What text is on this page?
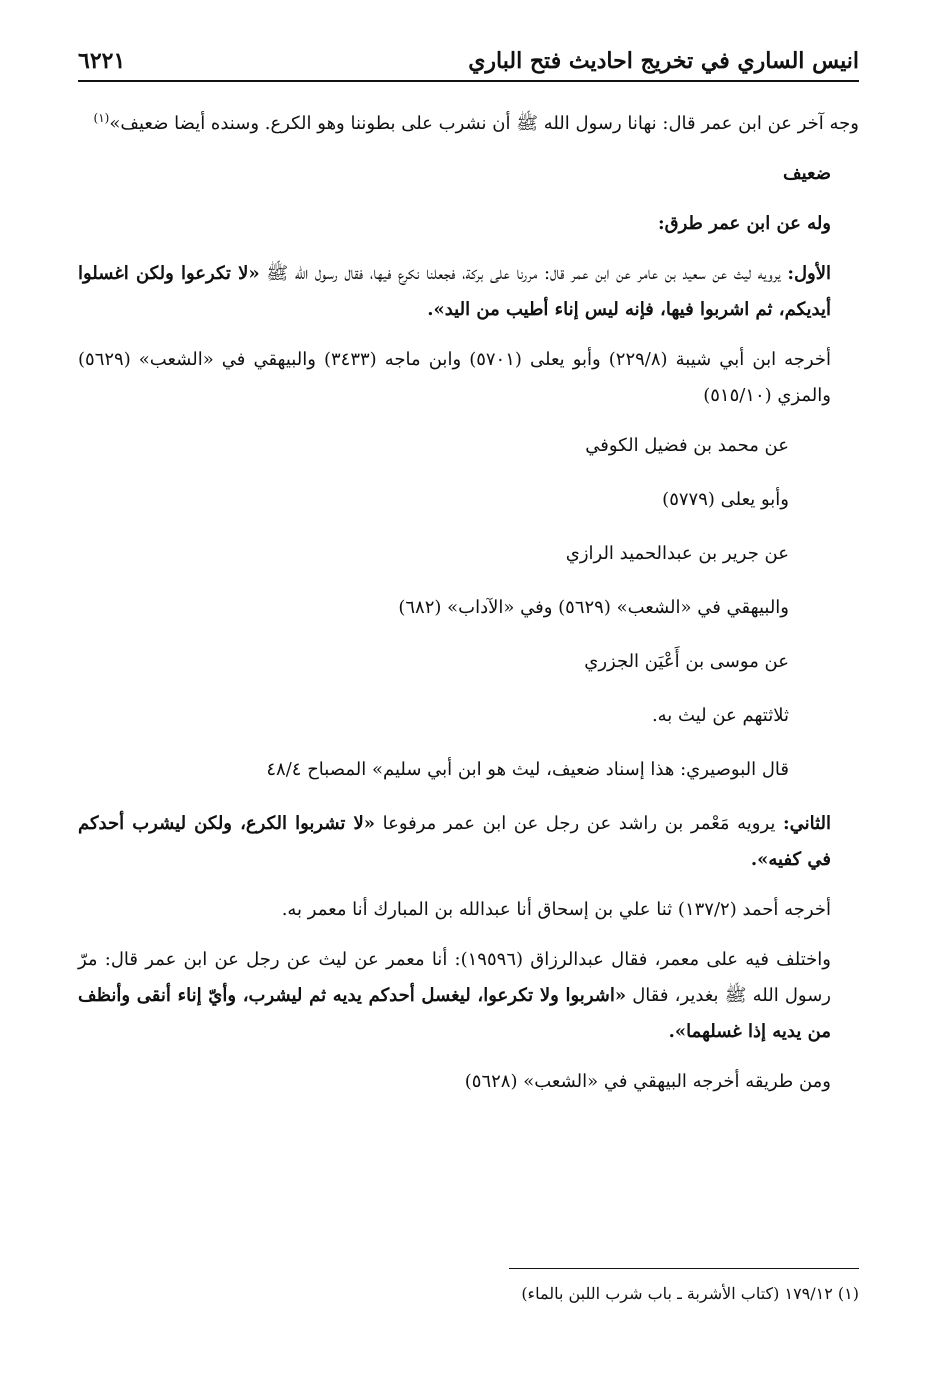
انيس الساري في تخريج احاديث فتح الباري
٦٢٢١

وجه آخر عن ابن عمر قال: نهانا رسول الله ﷺ أن نشرب على بطوننا وهو الكرع. وسنده أيضا ضعيف»$^{(١)}$

ضعيف

وله عن ابن عمر طرق:

الأول: يرويه ليث عن سعيد بن عامر عن ابن عمر قال: مررنا على بركة، فجعلنا نكرع فيها، فقال رسول الله ﷺ «لا تكرعوا ولكن اغسلوا أيديكم، ثم اشربوا فيها، فإنه ليس إناء أطيب من اليد».

أخرجه ابن أبي شيبة (٢٢٩/٨) وأبو يعلى (٥٧٠١) وابن ماجه (٣٤٣٣) والبيهقي في «الشعب» (٥٦٢٩) والمزي (٥١٥/١٠)

عن محمد بن فضيل الكوفي

وأبو يعلى (٥٧٧٩)

عن جرير بن عبدالحميد الرازي

والبيهقي في «الشعب» (٥٦٢٩) وفي «الآداب» (٦٨٢)

عن موسى بن أَعْيَن الجزري

ثلاثتهم عن ليث به.

قال البوصيري: هذا إسناد ضعيف، ليث هو ابن أبي سليم» المصباح ٤٨/٤

الثاني: يرويه مَعْمر بن راشد عن رجل عن ابن عمر مرفوعا «لا تشربوا الكرع، ولكن ليشرب أحدكم في كفيه».

أخرجه أحمد (١٣٧/٢) ثنا علي بن إسحاق أنا عبدالله بن المبارك أنا معمر به.

واختلف فيه على معمر، فقال عبدالرزاق (١٩٥٩٦): أنا معمر عن ليث عن رجل عن ابن عمر قال: مرّ رسول الله ﷺ بغدير، فقال «اشربوا ولا تكرعوا، ليغسل أحدكم يديه ثم ليشرب، وأيّ إناء أنقى وأنظف من يديه إذا غسلهما».

ومن طريقه أخرجه البيهقي في «الشعب» (٥٦٢٨)

(١) ١٧٩/١٢ (كتاب الأشربة ـ باب شرب اللبن بالماء)
